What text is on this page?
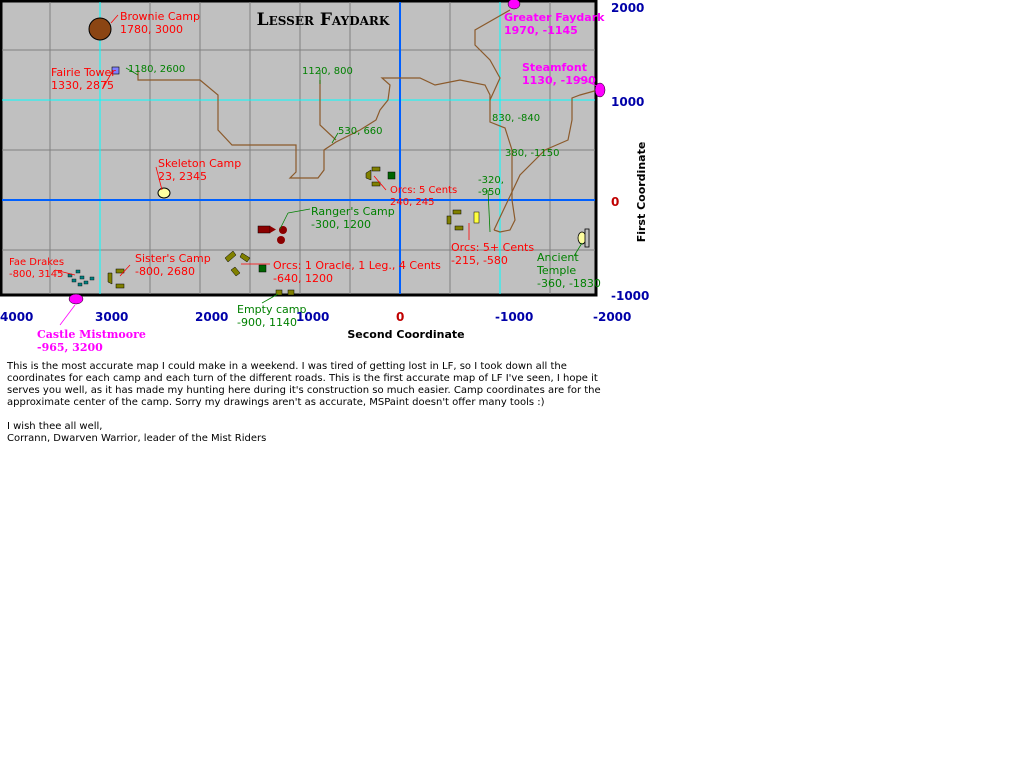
Lesser Faydark
Brownie Camp
1780, 3000
Fairie Tower
1330, 2875
Skeleton Camp
23, 2345
Ranger's Camp
-300, 1200
Orcs: 5 Cents
240, 245
Orcs: 5+ Cents
-215, -580
Orcs: 1 Oracle, 1 Leg., 4 Cents
-640, 1200
Sister's Camp
-800, 2680
Fae Drakes
-800, 3145
Empty camp
-900, 1140
Ancient
Temple
-360, -1830
1180, 2600	1120, 800
530, 660
830, -840
380, -1150
-320,
-950
Greater Faydark
1970, -1145
Steamfont
1130, -1990
Castle Mistmoore
-965, 3200
2000
1000
0
-1000
4000	3000	2000	1000	0	-1000	-2000
Second Coordinate
First Coordinate

This is the most accurate map I could make in a weekend. I was tired of getting lost in LF, so I took down all the coordinates for each camp and each turn of the different roads. This is the first accurate map of LF I've seen, I hope it serves you well, as it has made my hunting here during it's construction so much easier. Camp coordinates are for the approximate center of the camp. Sorry my drawings aren't as accurate, MSPaint doesn't offer many tools :)

I wish thee all well,
Corrann, Dwarven Warrior, leader of the Mist Riders
